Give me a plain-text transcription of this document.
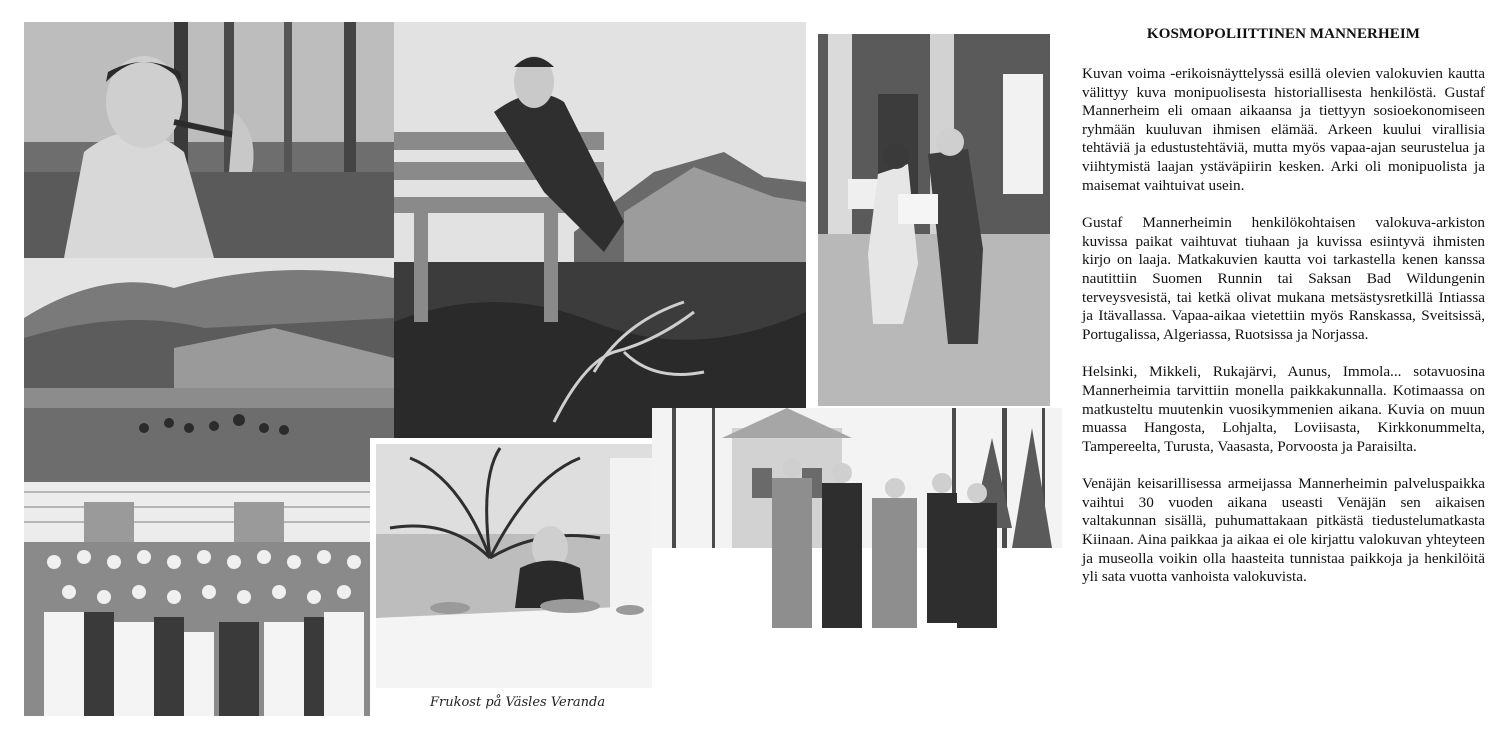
Frukost på Väsles Veranda
KOSMOPOLIITTINEN MANNERHEIM

Kuvan voima -erikoisnäyttelyssä esillä olevien valokuvien kautta välittyy kuva monipuolisesta historiallisesta henkilöstä. Gustaf Mannerheim eli omaan aikaansa ja tiettyyn sosioekonomiseen ryhmään kuuluvan ihmisen elämää. Arkeen kuului virallisia tehtäviä ja edustustehtäviä, mutta myös vapaa-ajan seurustelua ja viihtymistä laajan ystäväpiirin kesken. Arki oli monipuolista ja maisemat vaihtuivat usein.

Gustaf Mannerheimin henkilökohtaisen valokuva-arkiston kuvissa paikat vaihtuvat tiuhaan ja kuvissa esiintyvä ihmisten kirjo on laaja. Matkakuvien kautta voi tarkastella kenen kanssa nautittiin Suomen Runnin tai Saksan Bad Wildungenin terveysvesistä, tai ketkä olivat mukana metsästysretkillä Intiassa ja Itävallassa. Vapaa-aikaa vietettiin myös Ranskassa, Sveitsissä, Portugalissa, Algeriassa, Ruotsissa ja Norjassa.

Helsinki, Mikkeli, Rukajärvi, Aunus, Immola... sotavuosina Mannerheimia tarvittiin monella paikkakunnalla. Kotimaassa on matkusteltu muutenkin vuosikymmenien aikana. Kuvia on muun muassa Hangosta, Lohjalta, Loviisasta, Kirkkonummelta, Tampereelta, Turusta, Vaasasta, Porvoosta ja Paraisilta.

Venäjän keisarillisessa armeijassa Mannerheimin palveluspaikka vaihtui 30 vuoden aikana useasti Venäjän sen aikaisen valtakunnan sisällä, puhumattakaan pitkästä tiedustelumatkasta Kiinaan. Aina paikkaa ja aikaa ei ole kirjattu valokuvan yhteyteen ja museolla voikin olla haasteita tunnistaa paikkoja ja henkilöitä yli sata vuotta vanhoista valokuvista.
